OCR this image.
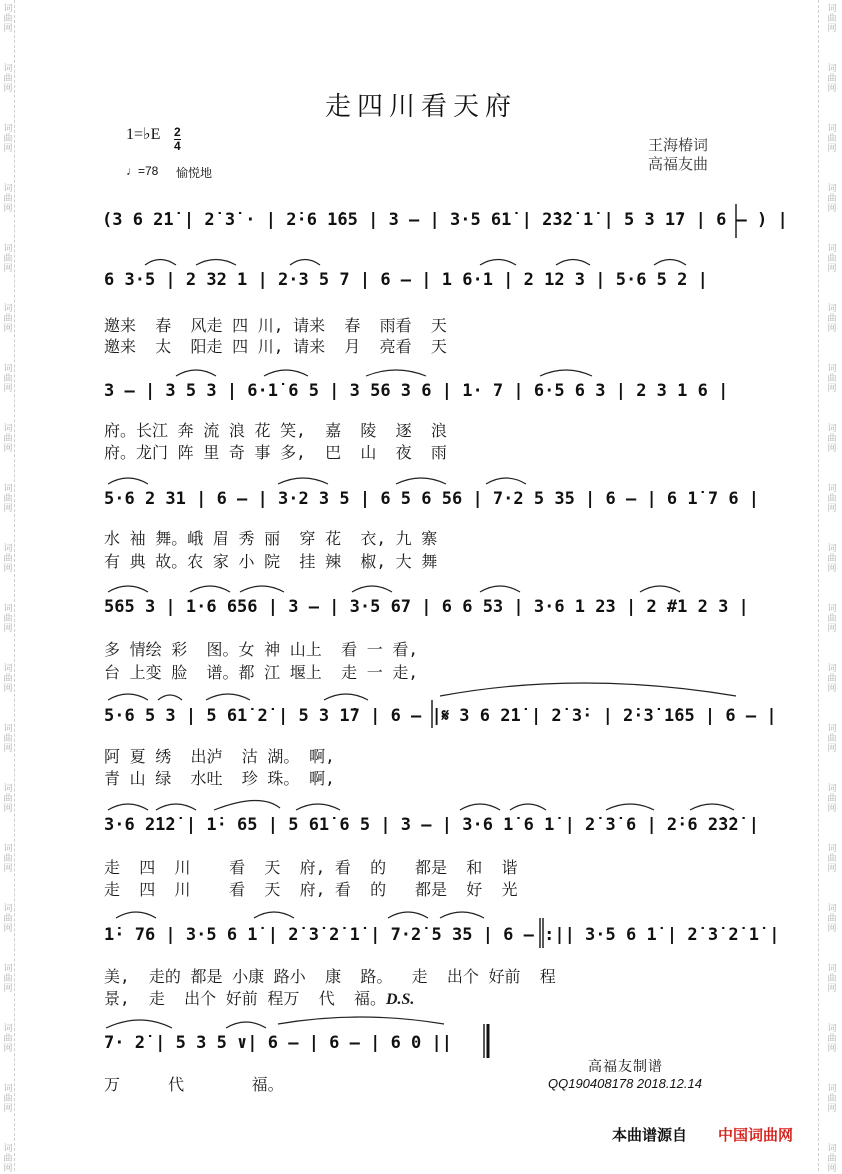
词
曲
网
词
曲
网
词
曲
网
词
曲
网
词
曲
网
词
曲
网
词
曲
网
词
曲
网
词
曲
网
词
曲
网
词
曲
网
词
曲
网
词
曲
网
词
曲
网
词
曲
网
词
曲
网
词
曲
网
词
曲
网
词
曲
网
词
曲
网
词
曲
网
词
曲
网
词
曲
网
词
曲
网
词
曲
网
词
曲
网
词
曲
网
词
曲
网
词
曲
网
词
曲
网
词
曲
网
词
曲
网
词
曲
网
词
曲
网
词
曲
网
词
曲
网
词
曲
网
词
曲
网
词
曲
网
词
曲
网
走四川看天府
1=♭E 2
4
♩=78 愉悦地
王海椿词
高福友曲
(3 6 2̇1̇ | 2̇ 3̇ · | 2̇·6 1̇65 | 3 – | 3·5 61̇ | 2̇3̇2̇ 1̇ | 5 3 1̇7 | 6 – ) |
6 3·5 | 2 32 1 | 2·3 5 7 | 6 – | 1 6·1 | 2 12 3 | 5·6 5 2 |
邀来  春  风走 四 川, 请来  春  雨看  天
邀来  太  阳走 四 川, 请来  月  亮看  天
3 – | 3 5 3 | 6·1̇ 6 5 | 3 56 3 6 | 1· 7 | 6·5 6 3 | 2 3 1 6 |
府。长江 奔 流 浪 花 笑,  嘉  陵  逐  浪
府。龙门 阵 里 奇 事 多,  巴  山  夜  雨
5·6 2 31 | 6 – | 3·2 3 5 | 6 5 6 56 | 7·2 5 35 | 6 – | 6 1̇ 7 6 |
水 袖 舞。峨 眉 秀 丽  穿 花  衣, 九 寨
有 典 故。农 家 小 院  挂 辣  椒, 大 舞
565 3 | 1·6 656 | 3 – | 3·5 67 | 6 6 53 | 3·6 1 23 | 2 #1 2 3 |
多 情绘 彩  图。女 神 山上  看 一 看,
台 上变 脸  谱。都 江 堰上  走 一 走,
5·6 5 3 | 5 61̇ 2̇ | 5 3 1̇7 | 6 – |𝄋 3 6 2̇1̇ | 2̇ 3̇· | 2̇·3̇ 1̇65 | 6 – |
阿 夏 绣  出泸  沽 湖。 啊,
青 山 绿  水吐  珍 珠。 啊,
3·6 2̇1̇2̇ | 1̇· 65 | 5 61̇ 6 5 | 3 – | 3·6 1̇ 6 1̇ | 2̇ 3̇ 6 | 2̇·6 2̇3̇2̇ |
走  四  川    看  天  府, 看  的   都是  和  谐
走  四  川    看  天  府, 看  的   都是  好  光
1̇· 76 | 3·5 6 1̇ | 2̇ 3̇ 2̇ 1̇ | 7·2̇ 5 35 | 6 – :|| 3·5 6 1̇ | 2̇ 3̇ 2̇ 1̇ |
美,  走的 都是 小康 路小  康  路。  走  出个 好前  程
景,  走  出个 好前 程万  代  福。D.S.
7· 2̇ | 5 3 5 ∨| 6 – | 6 – | 6 0 ||
万     代       福。
高福友制谱
QQ190408178 2018.12.14
本曲谱源自 中国词曲网
